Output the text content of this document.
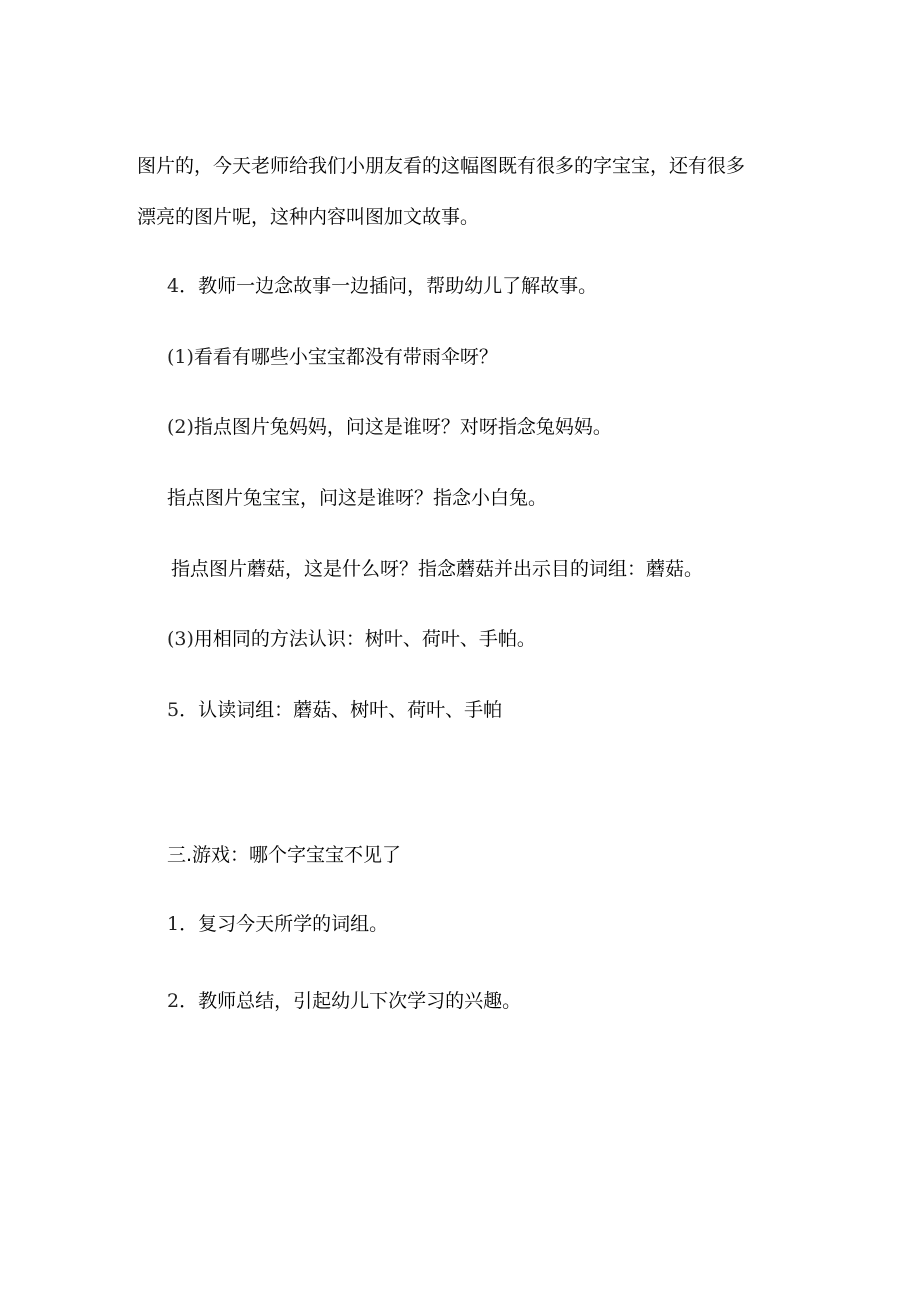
图片的，今天老师给我们小朋友看的这幅图既有很多的字宝宝，还有很多
漂亮的图片呢，这种内容叫图加文故事。
4．教师一边念故事一边插问，帮助幼儿了解故事。
(1)看看有哪些小宝宝都没有带雨伞呀？
(2)指点图片兔妈妈，问这是谁呀？对呀指念兔妈妈。
指点图片兔宝宝，问这是谁呀？指念小白兔。
指点图片蘑菇，这是什么呀？指念蘑菇并出示目的词组：蘑菇。
(3)用相同的方法认识：树叶、荷叶、手帕。
5．认读词组：蘑菇、树叶、荷叶、手帕
三.游戏：哪个字宝宝不见了
1．复习今天所学的词组。
2．教师总结，引起幼儿下次学习的兴趣。
